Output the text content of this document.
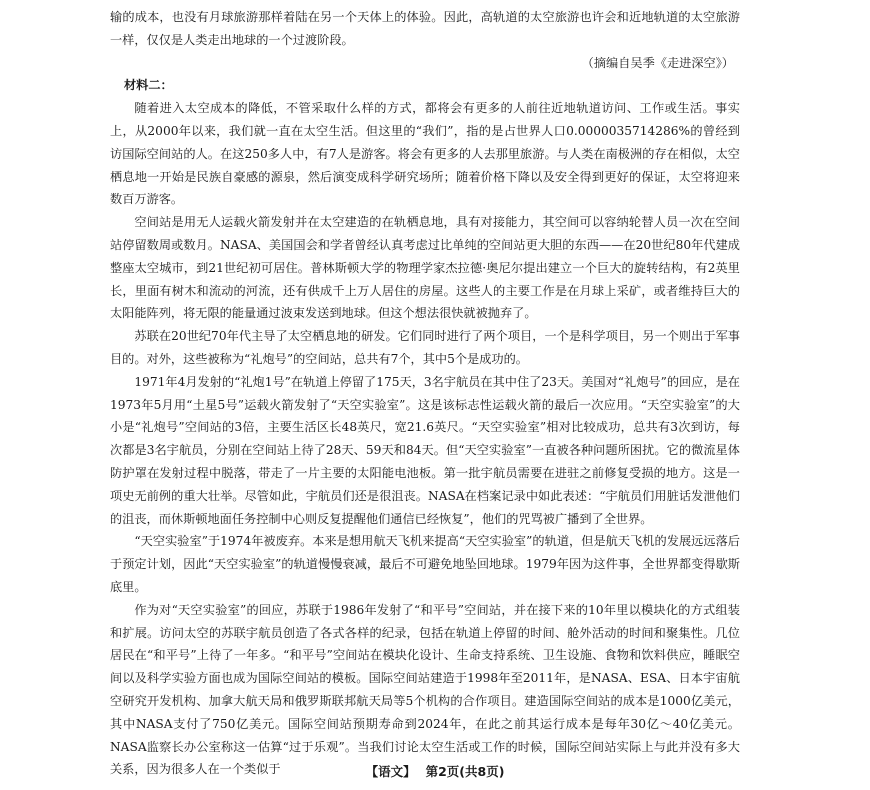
输的成本，也没有月球旅游那样着陆在另一个天体上的体验。因此，高轨道的太空旅游也许会和近地轨道的太空旅游一样，仅仅是人类走出地球的一个过渡阶段。

（摘编自吴季《走进深空》）

材料二：

随着进入太空成本的降低，不管采取什么样的方式，都将会有更多的人前往近地轨道访问、工作或生活。事实上，从2000年以来，我们就一直在太空生活。但这里的“我们”，指的是占世界人口0.0000035714286%的曾经到访国际空间站的人。在这250多人中，有7人是游客。将会有更多的人去那里旅游。与人类在南极洲的存在相似，太空栖息地一开始是民族自豪感的源泉，然后演变成科学研究场所；随着价格下降以及安全得到更好的保证，太空将迎来数百万游客。

空间站是用无人运载火箭发射并在太空建造的在轨栖息地，具有对接能力，其空间可以容纳轮替人员一次在空间站停留数周或数月。NASA、美国国会和学者曾经认真考虑过比单纯的空间站更大胆的东西——在20世纪80年代建成整座太空城市，到21世纪初可居住。普林斯顿大学的物理学家杰拉德·奥尼尔提出建立一个巨大的旋转结构，有2英里长，里面有树木和流动的河流，还有供成千上万人居住的房屋。这些人的主要工作是在月球上采矿，或者维持巨大的太阳能阵列，将无限的能量通过波束发送到地球。但这个想法很快就被抛弃了。

苏联在20世纪70年代主导了太空栖息地的研发。它们同时进行了两个项目，一个是科学项目，另一个则出于军事目的。对外，这些被称为“礼炮号”的空间站，总共有7个，其中5个是成功的。

1971年4月发射的“礼炮1号”在轨道上停留了175天，3名宇航员在其中住了23天。美国对“礼炮号”的回应，是在1973年5月用“土星5号”运载火箭发射了“天空实验室”。这是该标志性运载火箭的最后一次应用。“天空实验室”的大小是“礼炮号”空间站的3倍，主要生活区长48英尺，宽21.6英尺。“天空实验室”相对比较成功，总共有3次到访，每次都是3名宇航员，分别在空间站上待了28天、59天和84天。但“天空实验室”一直被各种问题所困扰。它的微流星体防护罩在发射过程中脱落，带走了一片主要的太阳能电池板。第一批宇航员需要在进驻之前修复受损的地方。这是一项史无前例的重大壮举。尽管如此，宇航员们还是很沮丧。NASA在档案记录中如此表述：“宇航员们用脏话发泄他们的沮丧，而休斯顿地面任务控制中心则反复提醒他们通信已经恢复”，他们的咒骂被广播到了全世界。

“天空实验室”于1974年被废弃。本来是想用航天飞机来提高“天空实验室”的轨道，但是航天飞机的发展远远落后于预定计划，因此“天空实验室”的轨道慢慢衰减，最后不可避免地坠回地球。1979年因为这件事，全世界都变得歇斯底里。

作为对“天空实验室”的回应，苏联于1986年发射了“和平号”空间站，并在接下来的10年里以模块化的方式组装和扩展。访问太空的苏联宇航员创造了各式各样的纪录，包括在轨道上停留的时间、舱外活动的时间和聚集性。几位居民在“和平号”上待了一年多。“和平号”空间站在模块化设计、生命支持系统、卫生设施、食物和饮料供应，睡眠空间以及科学实验方面也成为国际空间站的模板。国际空间站建造于1998年至2011年，是NASA、ESA、日本宇宙航空研究开发机构、加拿大航天局和俄罗斯联邦航天局等5个机构的合作项目。建造国际空间站的成本是1000亿美元，其中NASA支付了750亿美元。国际空间站预期寿命到2024年，在此之前其运行成本是每年30亿～40亿美元。NASA监察长办公室称这一估算“过于乐观”。当我们讨论太空生活或工作的时候，国际空间站实际上与此并没有多大关系，因为很多人在一个类似于	【语文】 第2页(共8页)
